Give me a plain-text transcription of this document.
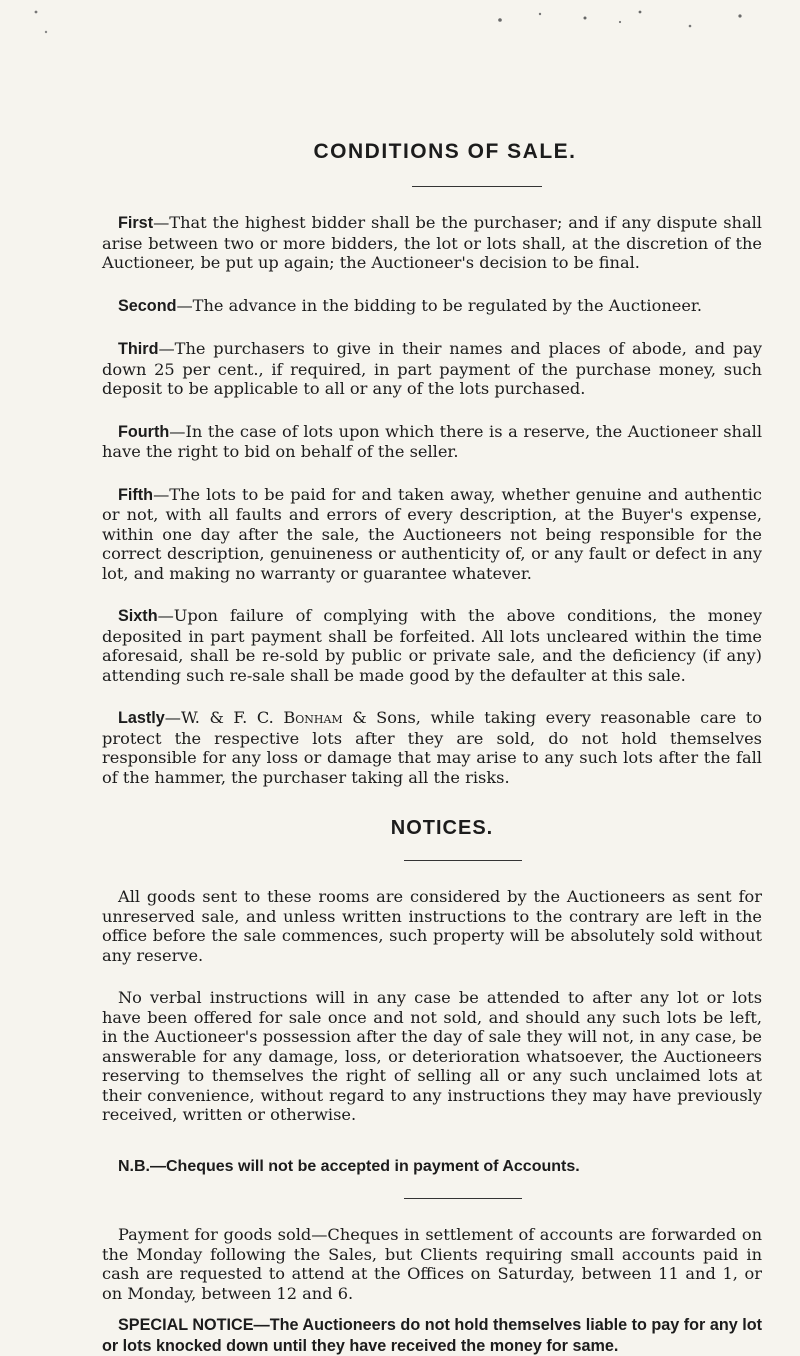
CONDITIONS OF SALE.

First—That the highest bidder shall be the purchaser; and if any dispute shall arise between two or more bidders, the lot or lots shall, at the discretion of the Auctioneer, be put up again; the Auctioneer's decision to be final.

Second—The advance in the bidding to be regulated by the Auctioneer.

Third—The purchasers to give in their names and places of abode, and pay down 25 per cent., if required, in part payment of the purchase money, such deposit to be applicable to all or any of the lots purchased.

Fourth—In the case of lots upon which there is a reserve, the Auctioneer shall have the right to bid on behalf of the seller.

Fifth—The lots to be paid for and taken away, whether genuine and authentic or not, with all faults and errors of every description, at the Buyer's expense, within one day after the sale, the Auctioneers not being responsible for the correct description, genuineness or authenticity of, or any fault or defect in any lot, and making no warranty or guarantee whatever.

Sixth—Upon failure of complying with the above conditions, the money deposited in part payment shall be forfeited. All lots uncleared within the time aforesaid, shall be re-sold by public or private sale, and the deficiency (if any) attending such re-sale shall be made good by the defaulter at this sale.

Lastly—W. & F. C. Bonham & Sons, while taking every reasonable care to protect the respective lots after they are sold, do not hold themselves responsible for any loss or damage that may arise to any such lots after the fall of the hammer, the purchaser taking all the risks.

NOTICES.

All goods sent to these rooms are considered by the Auctioneers as sent for unreserved sale, and unless written instructions to the contrary are left in the office before the sale commences, such property will be absolutely sold without any reserve.

No verbal instructions will in any case be attended to after any lot or lots have been offered for sale once and not sold, and should any such lots be left, in the Auctioneer's possession after the day of sale they will not, in any case, be answerable for any damage, loss, or deterioration whatsoever, the Auctioneers reserving to themselves the right of selling all or any such unclaimed lots at their convenience, without regard to any instructions they may have previously received, written or otherwise.

N.B.—Cheques will not be accepted in payment of Accounts.

Payment for goods sold—Cheques in settlement of accounts are forwarded on the Monday following the Sales, but Clients requiring small accounts paid in cash are requested to attend at the Offices on Saturday, between 11 and 1, or on Monday, between 12 and 6.

SPECIAL NOTICE—The Auctioneers do not hold themselves liable to pay for any lot or lots knocked down until they have received the money for same.
